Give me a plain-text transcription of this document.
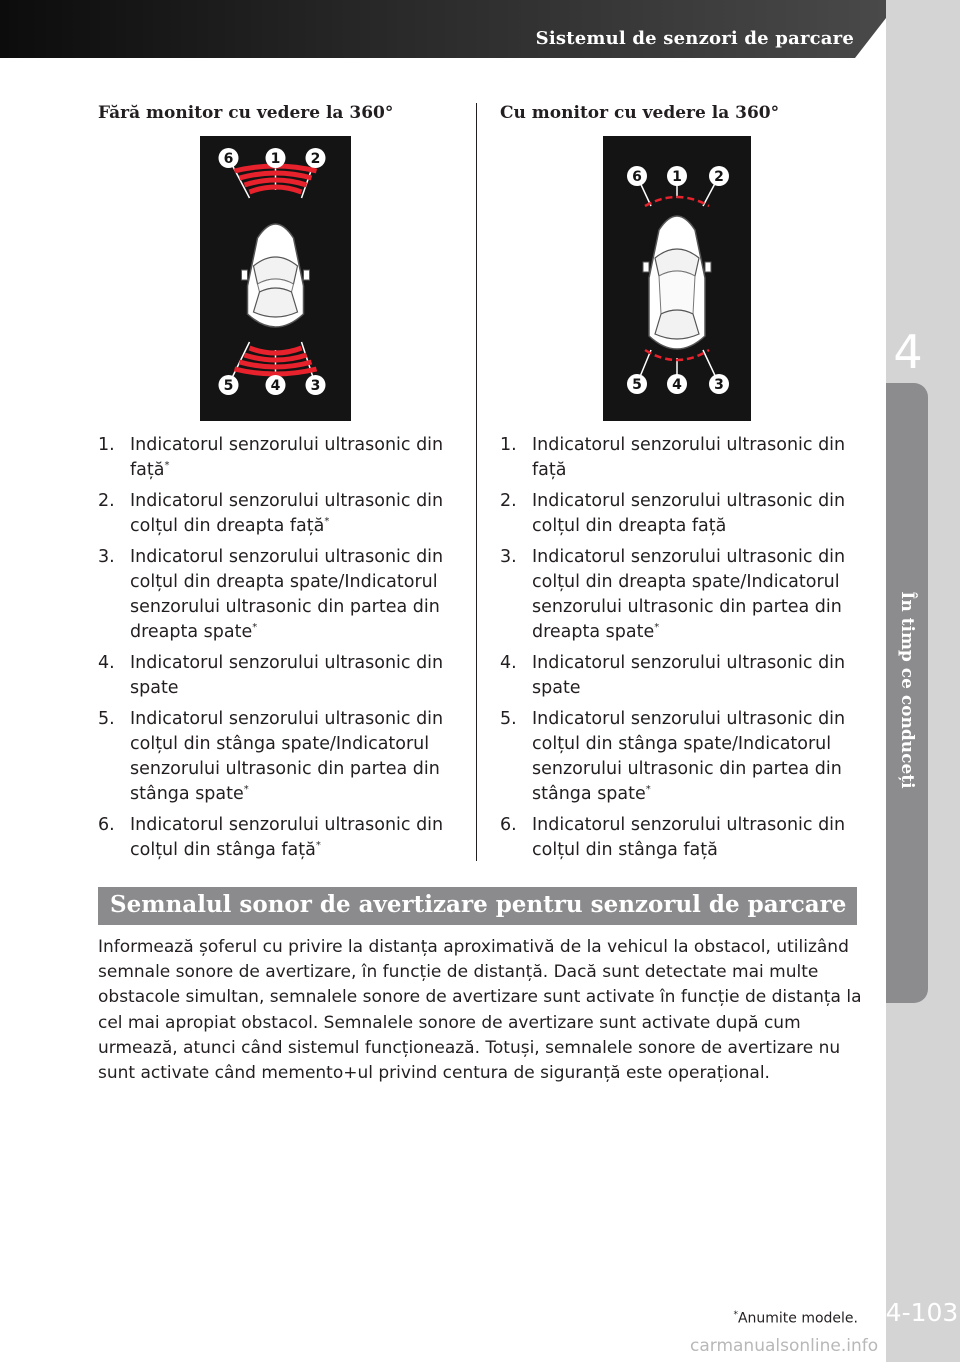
Sistemul de senzori de parcare
4
În timp ce conduceți
Fără monitor cu vedere la 360°
6	1 2
5	4 3
1. Indicatorul senzorului ultrasonic din față*
2. Indicatorul senzorului ultrasonic din colțul din dreapta față*
3. Indicatorul senzorului ultrasonic din colțul din dreapta spate/Indicatorul senzorului ultrasonic din partea din dreapta spate*
4. Indicatorul senzorului ultrasonic din spate
5. Indicatorul senzorului ultrasonic din colțul din stânga spate/Indicatorul senzorului ultrasonic din partea din stânga spate*
6. Indicatorul senzorului ultrasonic din colțul din stânga față*
Cu monitor cu vedere la 360°
6 1 2
5 4 3
1. Indicatorul senzorului ultrasonic din față
2. Indicatorul senzorului ultrasonic din colțul din dreapta față
3. Indicatorul senzorului ultrasonic din colțul din dreapta spate/Indicatorul senzorului ultrasonic din partea din dreapta spate*
4. Indicatorul senzorului ultrasonic din spate
5. Indicatorul senzorului ultrasonic din colțul din stânga spate/Indicatorul senzorului ultrasonic din partea din stânga spate*
6. Indicatorul senzorului ultrasonic din colțul din stânga față
Semnalul sonor de avertizare pentru senzorul de parcare

Informează șoferul cu privire la distanța aproximativă de la vehicul la obstacol, utilizând semnale sonore de avertizare, în funcție de distanță. Dacă sunt detectate mai multe obstacole simultan, semnalele sonore de avertizare sunt activate în funcție de distanța la cel mai apropiat obstacol. Semnalele sonore de avertizare sunt activate după cum urmează, atunci când sistemul funcționează. Totuși, semnalele sonore de avertizare nu sunt activate când memento+ul privind centura de siguranță este operațional.

*Anumite modele. 4-103
carmanualsonline.info
